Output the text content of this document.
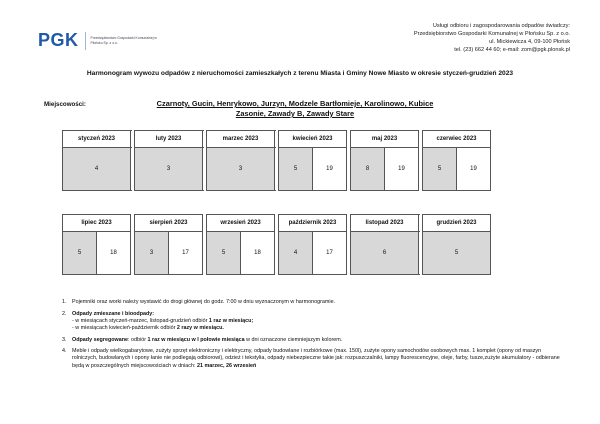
PGK	Przedsiębiorstwo Gospodarki Komunalnej w Płońsku Sp. z o.o.
Usługi odbioru i zagospodarowania odpadów świadczy:
Przedsiębiorstwo Gospodarki Komunalnej w Płońsku Sp. z o.o.
ul. Mickiewicza 4, 09-100 Płońsk
tel. (23) 662 44 60; e-mail: zom@pgk.plonsk.pl
Harmonogram wywozu odpadów z nieruchomości zamieszkałych z terenu Miasta i Gminy Nowe Miasto w okresie styczeń-grudzień 2023
Miejscowości:	Czarnoty, Gucin, Henrykowo, Jurzyn, Modzele Bartłomieje, Karolinowo, Kubice
Zasonie, Zawady B, Zawady Stare
styczeń 2023		luty 2023		marzec 2023		kwiecień 2023			maj 2023			czerwiec 2023	
4		3		3		5	19		8	19		5	19
lipiec 2023			sierpień 2023			wrzesień 2023			październik 2023			listopad 2023		grudzień 2023
5	18		3	17		5	18		4	17		6		5
1.	Pojemniki oraz worki należy wystawić do drogi głównej do godz. 7:00 w dniu wyznaczonym w harmonogramie.
2.	Odpady zmieszane i bioodpady:
- w miesiącach styczeń-marzec, listopad-grudzień odbiór 1 raz w miesiącu;
- w miesiącach kwiecień-październik odbiór 2 razy w miesiącu.
3.	Odpady segregowane: odbiór 1 raz w miesiącu w I połowie miesiąca w dni oznaczone ciemniejszym kolorem.
4.	Meble i odpady wielkogabarytowe, zużyty sprzęt elektroniczny i elektryczny, odpady budowlane i rozbiórkowe (max. 150l), zużyte opony samochodów osobowych max. 1 komplet (opony od maszyn rolniczych, budowlanych i opony łanie nie podlegają odbiorowi), odzież i tekstylia, odpady niebezpieczne takie jak: rozpuszczalniki, lampy fluorescencyjne, oleje, farby, tusze,zużyte akumulatory - odbierane będą w poszczególnych miejscowościach w dniach: 21 marzec, 26 wrzesień
